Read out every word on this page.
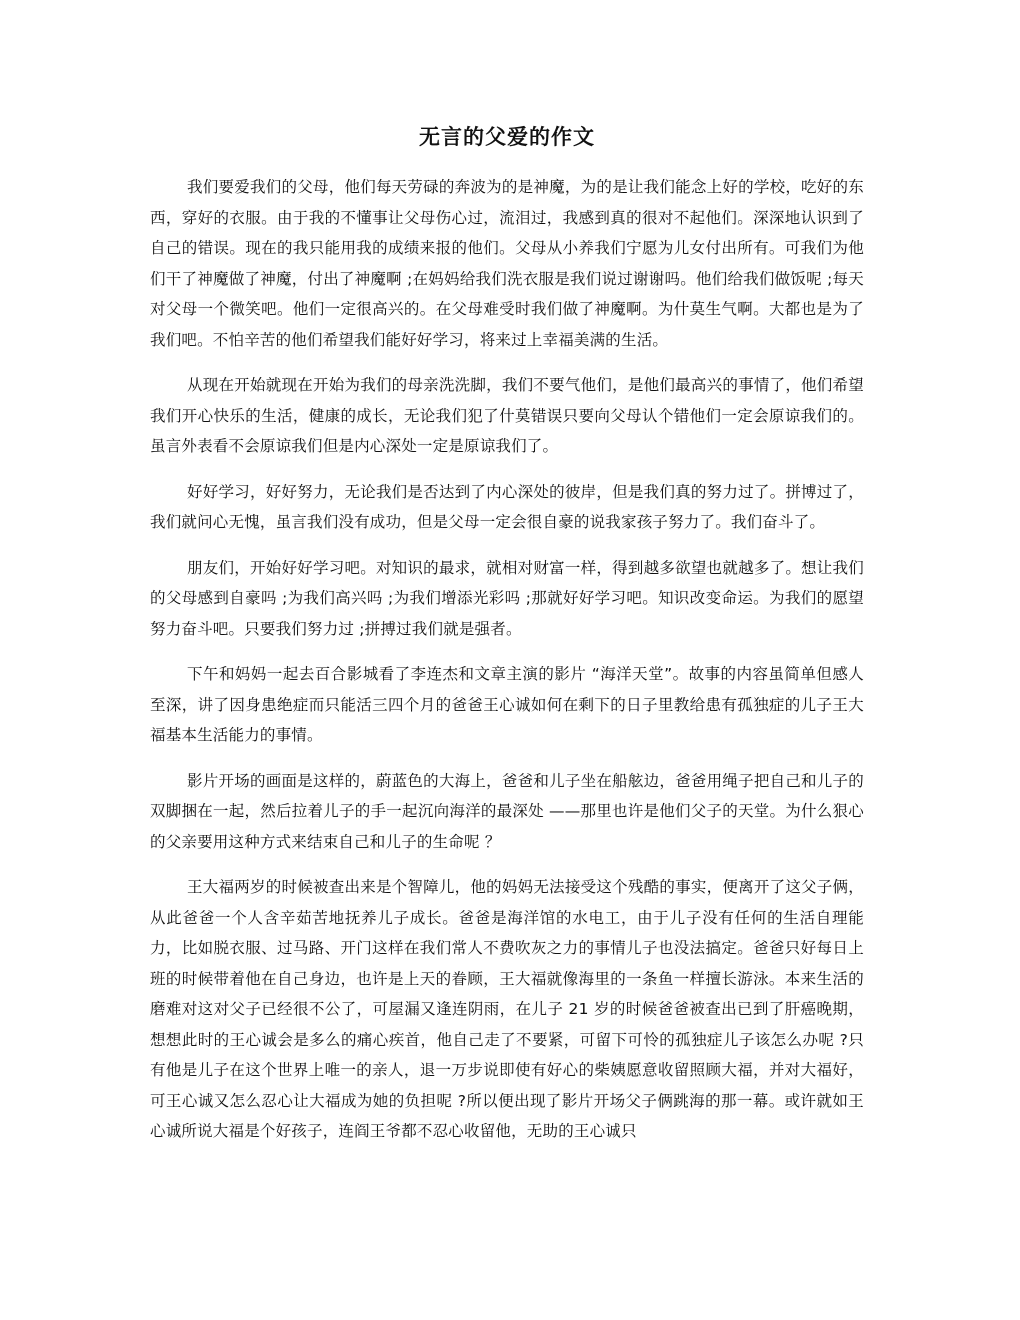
无言的父爱的作文

我们要爱我们的父母，他们每天劳碌的奔波为的是神魔，为的是让我们能念上好的学校，吃好的东西，穿好的衣服。由于我的不懂事让父母伤心过，流泪过，我感到真的很对不起他们。深深地认识到了自己的错误。现在的我只能用我的成绩来报的他们。父母从小养我们宁愿为儿女付出所有。可我们为他们干了神魔做了神魔，付出了神魔啊 ;在妈妈给我们洗衣服是我们说过谢谢吗。他们给我们做饭呢 ;每天对父母一个微笑吧。他们一定很高兴的。在父母难受时我们做了神魔啊。为什莫生气啊。大都也是为了我们吧。不怕辛苦的他们希望我们能好好学习，将来过上幸福美满的生活。

从现在开始就现在开始为我们的母亲洗洗脚，我们不要气他们，是他们最高兴的事情了，他们希望我们开心快乐的生活，健康的成长，无论我们犯了什莫错误只要向父母认个错他们一定会原谅我们的。虽言外表看不会原谅我们但是内心深处一定是原谅我们了。

好好学习，好好努力，无论我们是否达到了内心深处的彼岸，但是我们真的努力过了。拼博过了，我们就问心无愧，虽言我们没有成功，但是父母一定会很自豪的说我家孩子努力了。我们奋斗了。

朋友们，开始好好学习吧。对知识的最求，就相对财富一样，得到越多欲望也就越多了。想让我们的父母感到自豪吗 ;为我们高兴吗 ;为我们增添光彩吗 ;那就好好学习吧。知识改变命运。为我们的愿望努力奋斗吧。只要我们努力过 ;拼搏过我们就是强者。

下午和妈妈一起去百合影城看了李连杰和文章主演的影片 “海洋天堂”。故事的内容虽简单但感人至深，讲了因身患绝症而只能活三四个月的爸爸王心诚如何在剩下的日子里教给患有孤独症的儿子王大福基本生活能力的事情。

影片开场的画面是这样的，蔚蓝色的大海上，爸爸和儿子坐在船舷边，爸爸用绳子把自己和儿子的双脚捆在一起，然后拉着儿子的手一起沉向海洋的最深处 ——那里也许是他们父子的天堂。为什么狠心的父亲要用这种方式来结束自己和儿子的生命呢 ？

王大福两岁的时候被查出来是个智障儿，他的妈妈无法接受这个残酷的事实，便离开了这父子俩，从此爸爸一个人含辛茹苦地抚养儿子成长。爸爸是海洋馆的水电工，由于儿子没有任何的生活自理能力，比如脱衣服、过马路、开门这样在我们常人不费吹灰之力的事情儿子也没法搞定。爸爸只好每日上班的时候带着他在自己身边，也许是上天的眷顾，王大福就像海里的一条鱼一样擅长游泳。本来生活的磨难对这对父子已经很不公了，可屋漏又逢连阴雨，在儿子 21 岁的时候爸爸被查出已到了肝癌晚期，想想此时的王心诚会是多么的痛心疾首，他自己走了不要紧，可留下可怜的孤独症儿子该怎么办呢 ?只有他是儿子在这个世界上唯一的亲人，退一万步说即使有好心的柴姨愿意收留照顾大福，并对大福好，可王心诚又怎么忍心让大福成为她的负担呢 ?所以便出现了影片开场父子俩跳海的那一幕。或许就如王心诚所说大福是个好孩子，连阎王爷都不忍心收留他，无助的王心诚只
